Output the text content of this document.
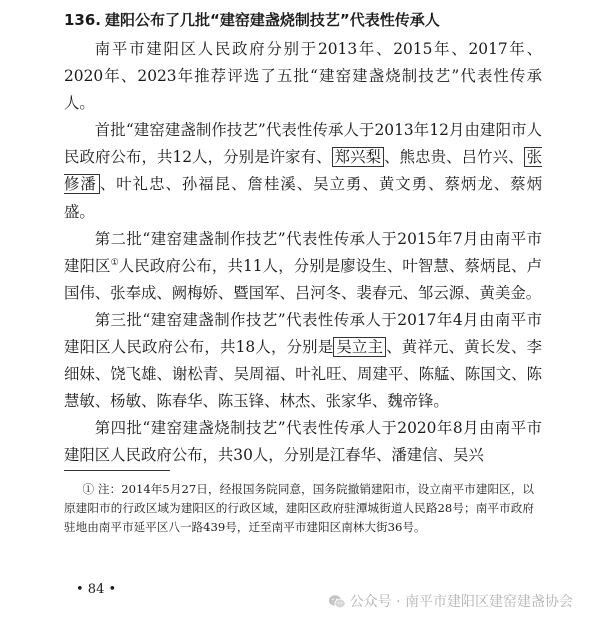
136. 建阳公布了几批“建窑建盏烧制技艺”代表性传承人

南平市建阳区人民政府分别于2013年、2015年、2017年、2020年、2023年推荐评选了五批“建窑建盏烧制技艺”代表性传承人。

首批“建窑建盏制作技艺”代表性传承人于2013年12月由建阳市人民政府公布，共12人，分别是许家有、 郑兴梨 、熊忠贵、吕竹兴、 张修潘 、叶礼忠、孙福昆、詹桂溪、吴立勇、黄文勇、蔡炳龙、蔡炳盛。

第二批“建窑建盏制作技艺”代表性传承人于2015年7月由南平市建阳区①人民政府公布，共11人，分别是廖设生、叶智慧、蔡炳昆、卢国伟、张奉成、阙梅娇、暨国军、吕河冬、裴春元、邹云源、黄美金。

第三批“建窑建盏制作技艺”代表性传承人于2017年4月由南平市建阳区人民政府公布，共18人，分别是 吴立主 、黄祥元、黄长发、李细妹、饶飞雄、谢松青、吴周福、叶礼旺、周建平、陈艋、陈国文、陈慧敏、杨敏、陈春华、陈玉锋、林杰、张家华、魏帝锋。

第四批“建窑建盏烧制技艺”代表性传承人于2020年8月由南平市建阳区人民政府公布，共30人，分别是江春华、潘建信、吴兴

① 注：2014年5月27日，经报国务院同意，国务院撤销建阳市，设立南平市建阳区，以原建阳市的行政区域为建阳区的行政区域，建阳区政府驻潭城街道人民路28号；南平市政府驻地由南平市延平区八一路439号，迁至南平市建阳区南林大街36号。

• 84 •
公众号 · 南平市建阳区建窑建盏协会
